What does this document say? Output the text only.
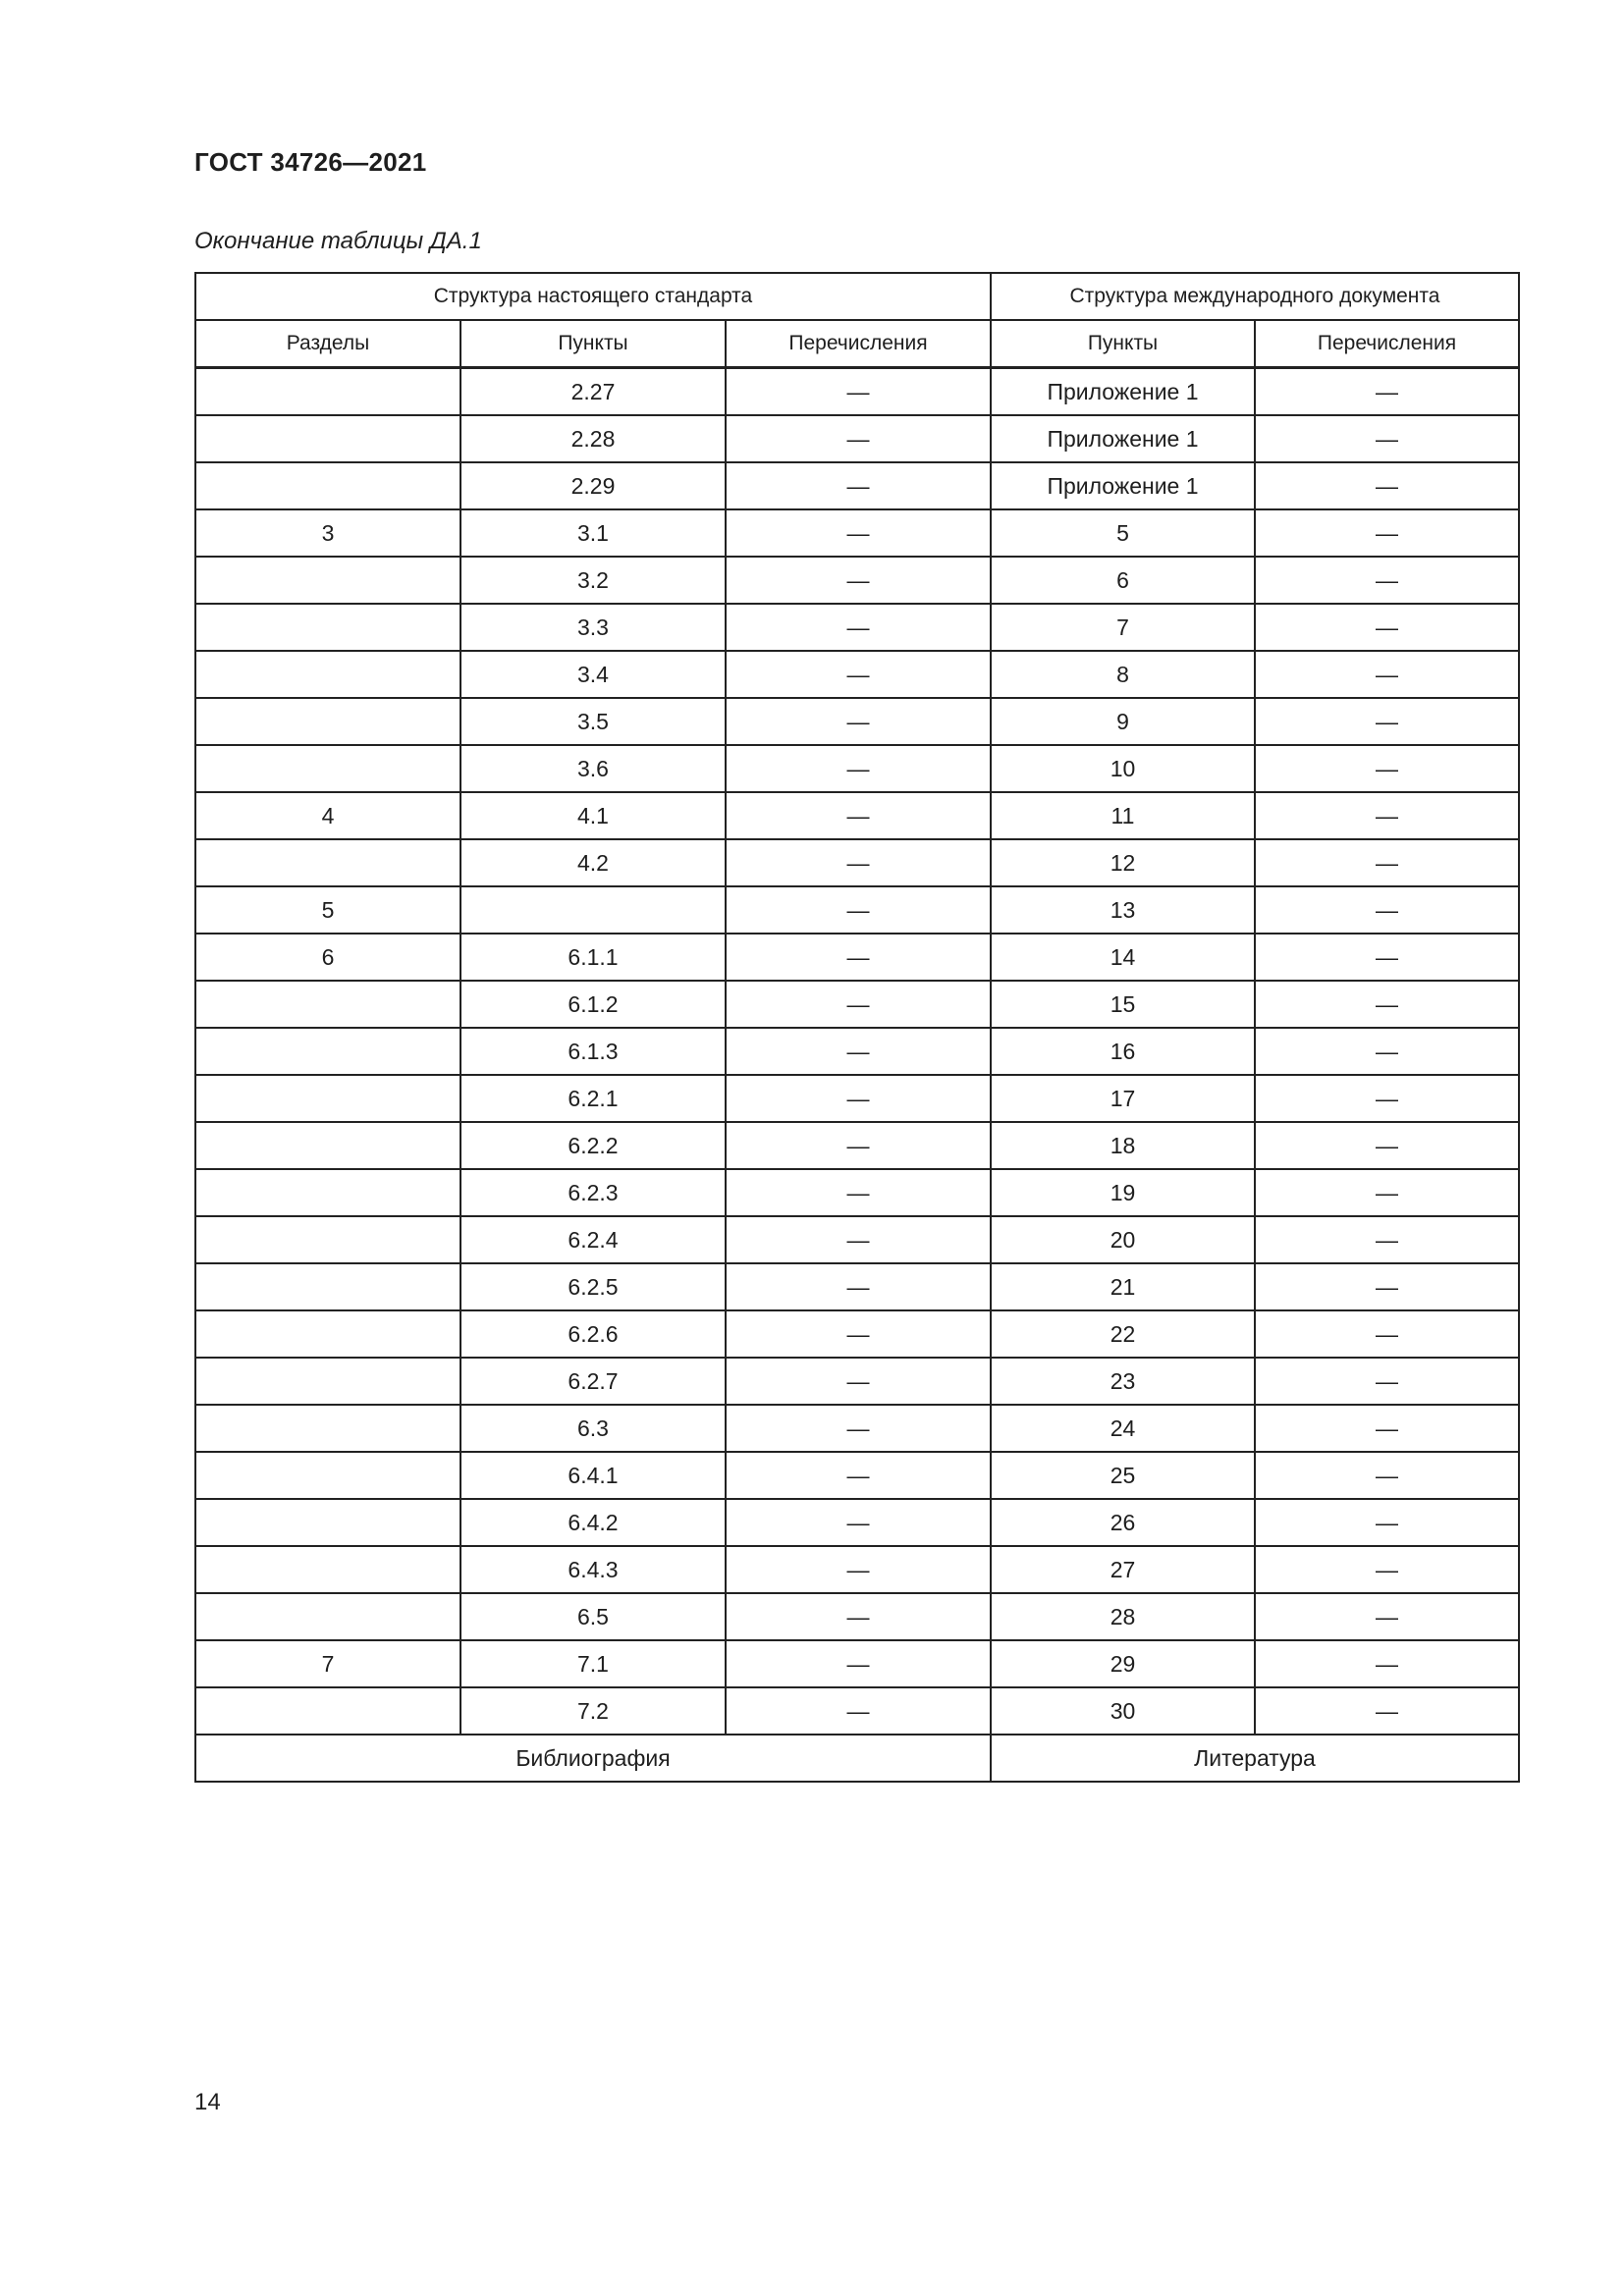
ГОСТ 34726—2021
Окончание таблицы ДА.1
Структура настоящего стандарта			Структура международного документа	
Разделы	Пункты	Перечисления	Пункты	Перечисления
	2.27	—	Приложение 1	—
	2.28	—	Приложение 1	—
	2.29	—	Приложение 1	—
3	3.1	—	5	—
	3.2	—	6	—
	3.3	—	7	—
	3.4	—	8	—
	3.5	—	9	—
	3.6	—	10	—
4	4.1	—	11	—
	4.2	—	12	—
5		—	13	—
6	6.1.1	—	14	—
	6.1.2	—	15	—
	6.1.3	—	16	—
	6.2.1	—	17	—
	6.2.2	—	18	—
	6.2.3	—	19	—
	6.2.4	—	20	—
	6.2.5	—	21	—
	6.2.6	—	22	—
	6.2.7	—	23	—
	6.3	—	24	—
	6.4.1	—	25	—
	6.4.2	—	26	—
	6.4.3	—	27	—
	6.5	—	28	—
7	7.1	—	29	—
	7.2	—	30	—
Библиография			Литература	
14
